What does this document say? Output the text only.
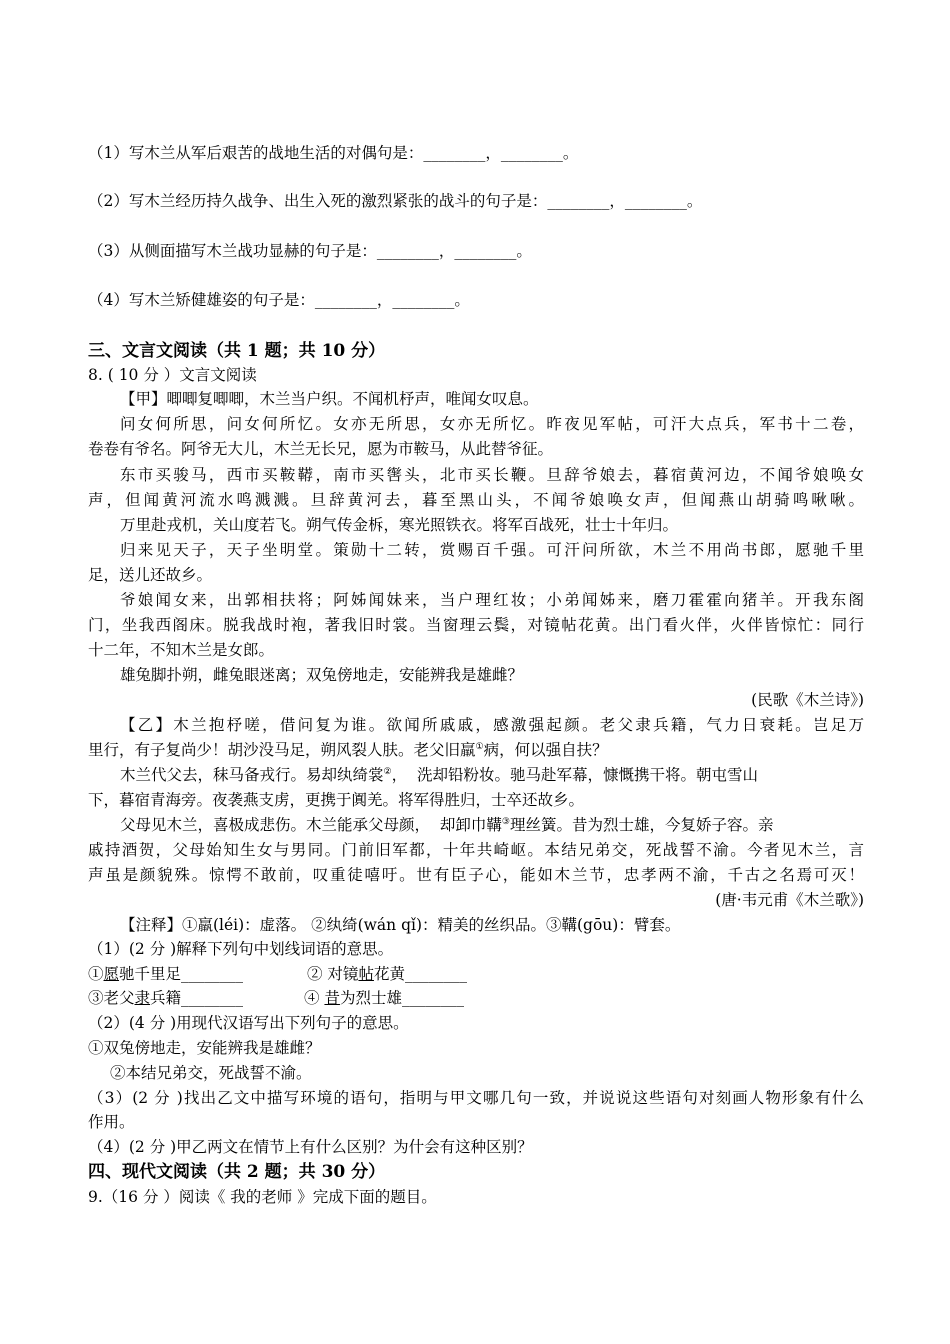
（1）写木兰从军后艰苦的战地生活的对偶句是：________，________。
（2）写木兰经历持久战争、出生入死的激烈紧张的战斗的句子是：________，________。
（3）从侧面描写木兰战功显赫的句子是：________，________。
（4）写木兰矫健雄姿的句子是：________，________。
三、文言文阅读（共 1 题；共 10 分）
8. ( 10 分 ）文言文阅读
【甲】唧唧复唧唧，木兰当户织。不闻机杼声，唯闻女叹息。
问女何所思，问女何所忆。女亦无所思，女亦无所忆。昨夜见军帖，可汗大点兵，军书十二卷，
卷卷有爷名。阿爷无大儿，木兰无长兄，愿为市鞍马，从此替爷征。
东市买骏马，西市买鞍鞯，南市买辔头，北市买长鞭。旦辞爷娘去，暮宿黄河边，不闻爷娘唤女
声，但闻黄河流水鸣溅溅。旦辞黄河去，暮至黑山头，不闻爷娘唤女声，但闻燕山胡骑鸣啾啾。
万里赴戎机，关山度若飞。朔气传金柝，寒光照铁衣。将军百战死，壮士十年归。
归来见天子，天子坐明堂。策勋十二转，赏赐百千强。可汗问所欲，木兰不用尚书郎，愿驰千里
足，送儿还故乡。
爷娘闻女来，出郭相扶将；阿姊闻妹来，当户理红妆；小弟闻姊来，磨刀霍霍向猪羊。开我东阁
门，坐我西阁床。脱我战时袍，著我旧时裳。当窗理云鬓，对镜帖花黄。出门看火伴，火伴皆惊忙：同行
十二年，不知木兰是女郎。
雄兔脚扑朔，雌兔眼迷离；双兔傍地走，安能辨我是雄雌？
(民歌《木兰诗》)
【乙】木兰抱杼嗟，借问复为谁。欲闻所戚戚，感激强起颜。老父隶兵籍，气力日衰耗。岂足万
里行，有子复尚少！胡沙没马足，朔风裂人肤。老父旧羸①病，何以强自扶？
木兰代父去，秣马备戎行。易却纨绮裳②，  洗却铅粉妆。驰马赴军幕，慷慨携干将。朝屯雪山
下，暮宿青海旁。夜袭燕支虏，更携于阗羌。将军得胜归，士卒还故乡。
父母见木兰，喜极成悲伤。木兰能承父母颜，  却卸巾鞲③理丝簧。昔为烈士雄，今复娇子容。亲
戚持酒贺，父母始知生女与男同。门前旧军都，十年共崎岖。本结兄弟交，死战誓不渝。今者见木兰，言
声虽是颜貌殊。惊愕不敢前，叹重徒嘻吁。世有臣子心，能如木兰节，忠孝两不渝，千古之名焉可灭！
(唐·韦元甫《木兰歌》)
【注释】①羸(léi)：虚落。 ②纨绮(wán qǐ)：精美的丝织品。③鞲(gōu)：臂套。
（1）(2 分 )解释下列句中划线词语的意思。
①愿驰千里足________	② 对镜帖花黄________
③老父隶兵籍________	④ 昔为烈士雄________
（2）(4 分 )用现代汉语写出下列句子的意思。
①双兔傍地走，安能辨我是雄雌？
②本结兄弟交，死战誓不渝。
（3）(2 分 )找出乙文中描写环境的语句，指明与甲文哪几句一致，并说说这些语句对刻画人物形象有什么
作用。
（4）(2 分 )甲乙两文在情节上有什么区别？为什会有这种区别？
四、现代文阅读（共 2 题；共 30 分）
9.（16 分 ）阅读《 我的老师 》完成下面的题目。
